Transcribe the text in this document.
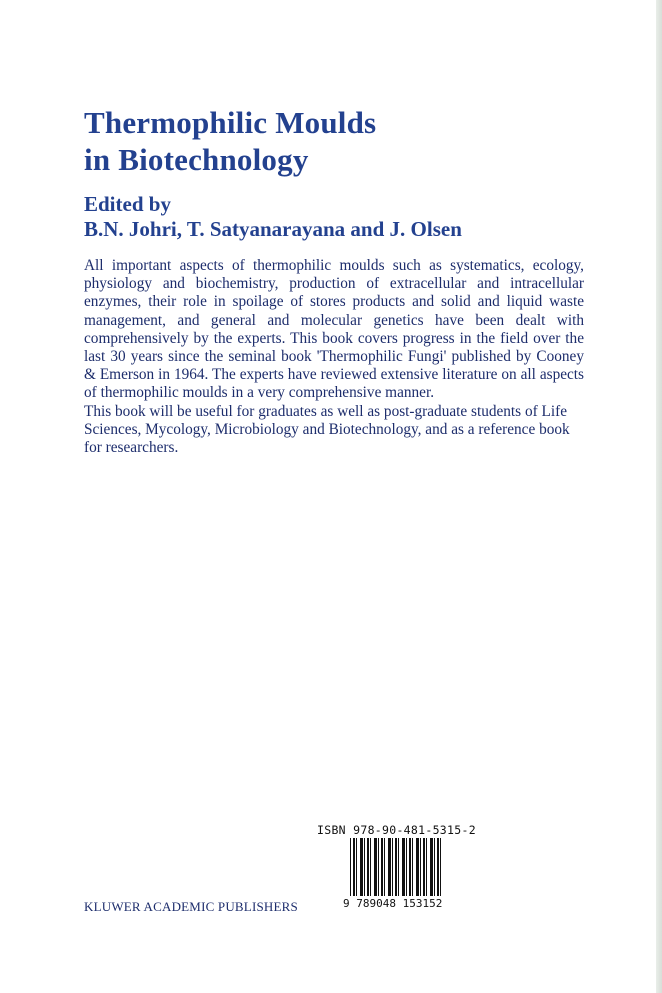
Thermophilic Moulds
in Biotechnology
Edited by
B.N. Johri, T. Satyanarayana and J. Olsen

All important aspects of thermophilic moulds such as systematics, ecology, physiology and biochemistry, production of extracellular and intracellular enzymes, their role in spoilage of stores products and solid and liquid waste management, and general and molecular genetics have been dealt with comprehensively by the experts. This book covers progress in the field over the last 30 years since the seminal book 'Thermophilic Fungi' published by Cooney & Emerson in 1964. The experts have reviewed extensive literature on all aspects of thermophilic moulds in a very comprehensive manner.

This book will be useful for graduates as well as post-graduate students of Life Sciences, Mycology, Microbiology and Biotechnology, and as a reference book for researchers.

ISBN 978-90-481-5315-2
9 789048 153152
KLUWER ACADEMIC PUBLISHERS
